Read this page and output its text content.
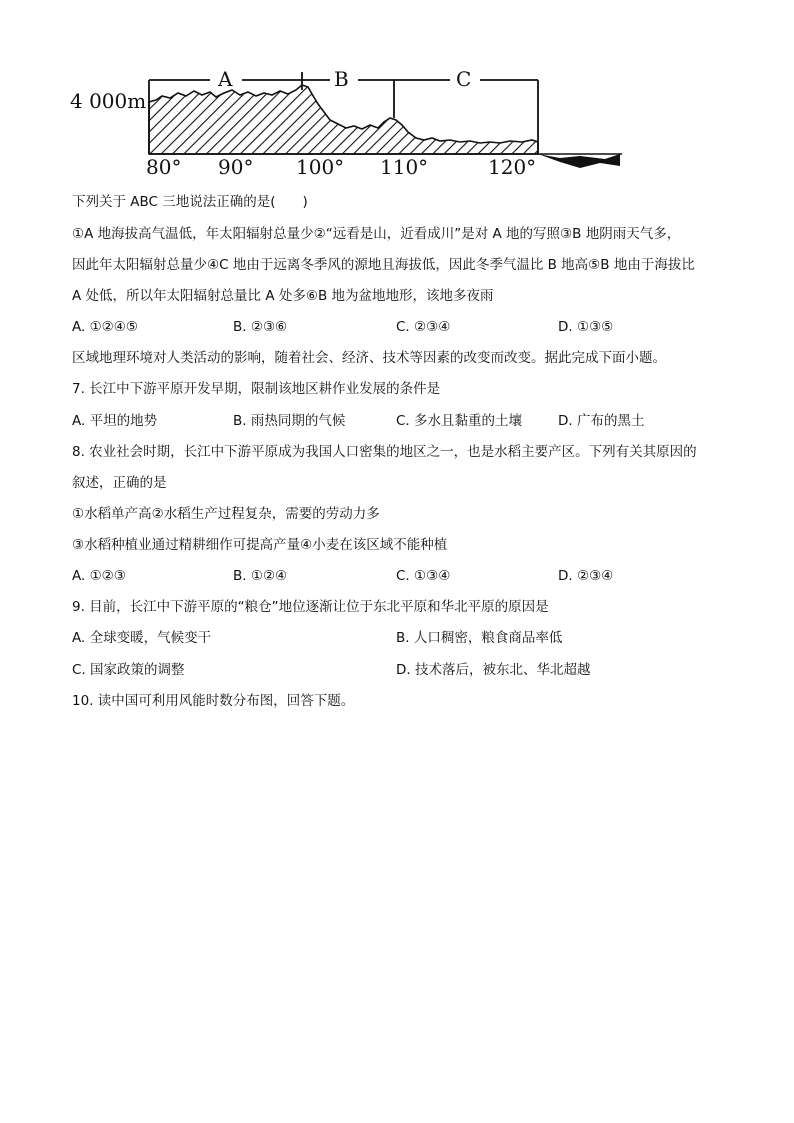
A	B	C
4 000m
80° 90° 100° 110°	120°
下列关于 ABC 三地说法正确的是(　　)
①A 地海拔高气温低，年太阳辐射总量少②“远看是山，近看成川”是对 A 地的写照③B 地阴雨天气多，
因此年太阳辐射总量少④C 地由于远离冬季风的源地且海拔低，因此冬季气温比 B 地高⑤B 地由于海拔比
A 处低，所以年太阳辐射总量比 A 处多⑥B 地为盆地地形，该地多夜雨
A. ①②④⑤	B. ②③⑥	C. ②③④	D. ①③⑤
区域地理环境对人类活动的影响，随着社会、经济、技术等因素的改变而改变。据此完成下面小题。
7. 长江中下游平原开发早期，限制该地区耕作业发展的条件是
A. 平坦的地势	B. 雨热同期的气候	C. 多水且黏重的土壤	D. 广布的黑土
8. 农业社会时期，长江中下游平原成为我国人口密集的地区之一，也是水稻主要产区。下列有关其原因的
叙述，正确的是
①水稻单产高②水稻生产过程复杂，需要的劳动力多
③水稻种植业通过精耕细作可提高产量④小麦在该区域不能种植
A. ①②③	B. ①②④	C. ①③④	D. ②③④
9. 目前，长江中下游平原的“粮仓”地位逐渐让位于东北平原和华北平原的原因是
A. 全球变暖，气候变干	B. 人口稠密，粮食商品率低
C. 国家政策的调整	D. 技术落后，被东北、华北超越
10. 读中国可利用风能时数分布图，回答下题。
